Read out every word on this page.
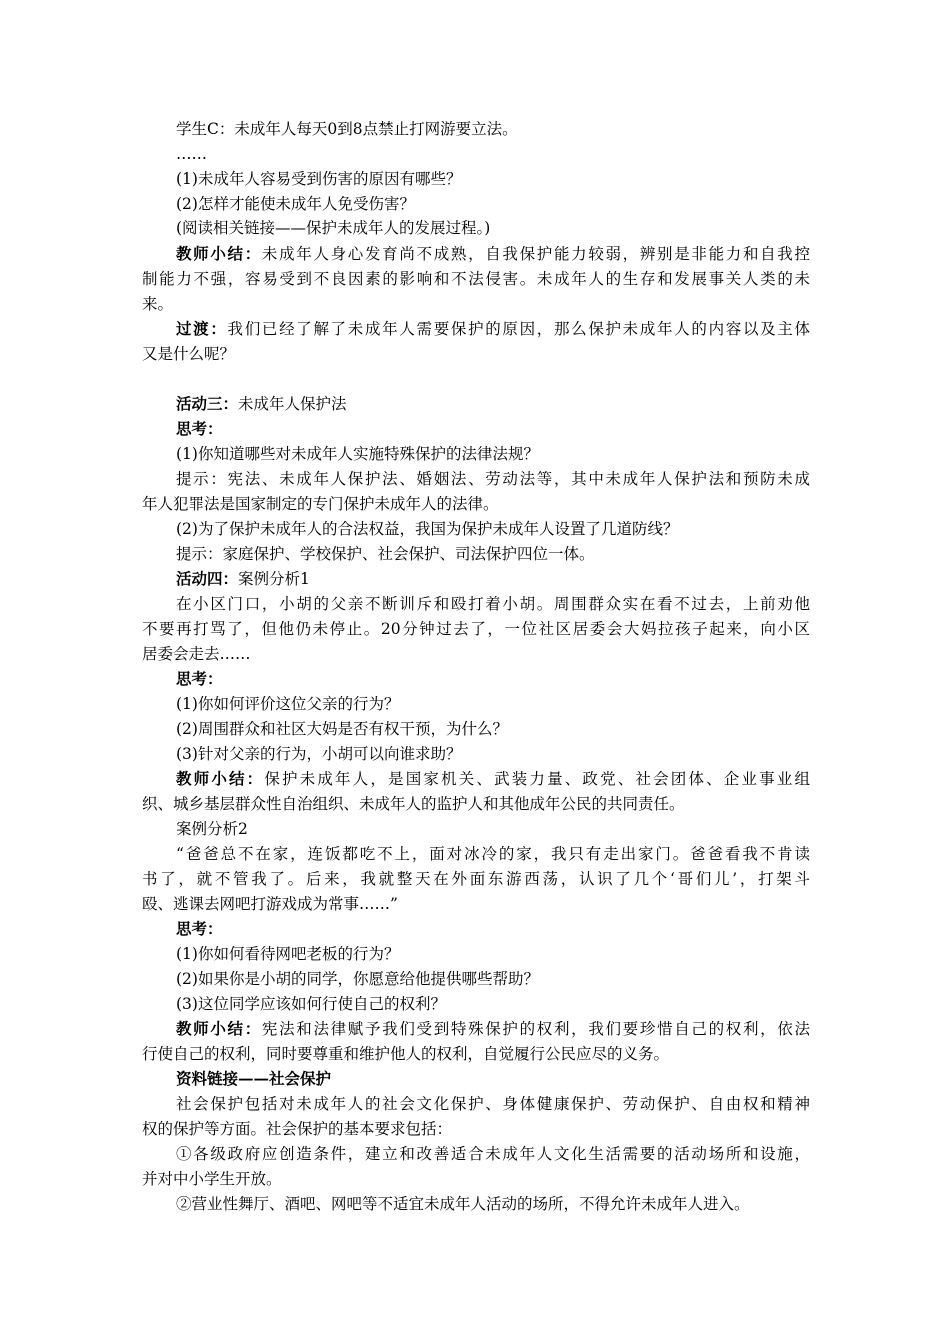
学生C：未成年人每天0到8点禁止打网游要立法。
……
(1)未成年人容易受到伤害的原因有哪些？
(2)怎样才能使未成年人免受伤害？
(阅读相关链接——保护未成年人的发展过程。)
教师小结：未成年人身心发育尚不成熟，自我保护能力较弱，辨别是非能力和自我控
制能力不强，容易受到不良因素的影响和不法侵害。未成年人的生存和发展事关人类的未
来。
过渡：我们已经了解了未成年人需要保护的原因，那么保护未成年人的内容以及主体
又是什么呢？
活动三：未成年人保护法
思考：
(1)你知道哪些对未成年人实施特殊保护的法律法规？
提示：宪法、未成年人保护法、婚姻法、劳动法等，其中未成年人保护法和预防未成
年人犯罪法是国家制定的专门保护未成年人的法律。
(2)为了保护未成年人的合法权益，我国为保护未成年人设置了几道防线？
提示：家庭保护、学校保护、社会保护、司法保护四位一体。
活动四：案例分析1
在小区门口，小胡的父亲不断训斥和殴打着小胡。周围群众实在看不过去，上前劝他
不要再打骂了，但他仍未停止。20分钟过去了，一位社区居委会大妈拉孩子起来，向小区
居委会走去……
思考：
(1)你如何评价这位父亲的行为？
(2)周围群众和社区大妈是否有权干预，为什么？
(3)针对父亲的行为，小胡可以向谁求助？
教师小结：保护未成年人，是国家机关、武装力量、政党、社会团体、企业事业组
织、城乡基层群众性自治组织、未成年人的监护人和其他成年公民的共同责任。
案例分析2
“爸爸总不在家，连饭都吃不上，面对冰冷的家，我只有走出家门。爸爸看我不肯读
书了，就不管我了。后来，我就整天在外面东游西荡，认识了几个‘哥们儿’，打架斗
殴、逃课去网吧打游戏成为常事……”
思考：
(1)你如何看待网吧老板的行为？
(2)如果你是小胡的同学，你愿意给他提供哪些帮助？
(3)这位同学应该如何行使自己的权利？
教师小结：宪法和法律赋予我们受到特殊保护的权利，我们要珍惜自己的权利，依法
行使自己的权利，同时要尊重和维护他人的权利，自觉履行公民应尽的义务。
资料链接——社会保护
社会保护包括对未成年人的社会文化保护、身体健康保护、劳动保护、自由权和精神
权的保护等方面。社会保护的基本要求包括：
①各级政府应创造条件，建立和改善适合未成年人文化生活需要的活动场所和设施，
并对中小学生开放。
②营业性舞厅、酒吧、网吧等不适宜未成年人活动的场所，不得允许未成年人进入。
